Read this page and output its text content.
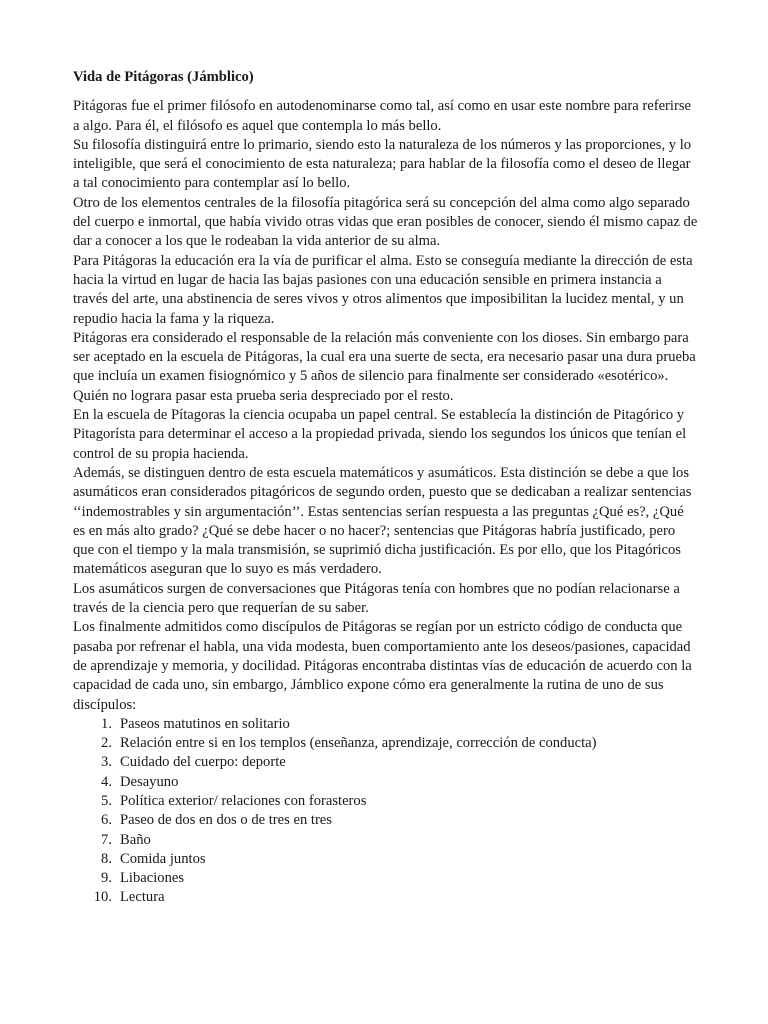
Vida de Pitágoras (Jámblico)

Pitágoras fue el primer filósofo en autodenominarse como tal, así como en usar este nombre para referirse a algo. Para él, el filósofo es aquel que contempla lo más bello.

Su filosofía distinguirá entre lo primario, siendo esto la naturaleza de los números y las proporciones, y lo inteligible, que será el conocimiento de esta naturaleza; para hablar de la filosofía como el deseo de llegar a tal conocimiento para contemplar así lo bello.

Otro de los elementos centrales de la filosofía pitagórica será su concepción del alma como algo separado del cuerpo e inmortal, que había vivido otras vidas que eran posibles de conocer, siendo él mismo capaz de dar a conocer a los que le rodeaban la vida anterior de su alma.

Para Pitágoras la educación era la vía de purificar el alma. Esto se conseguía mediante la dirección de esta hacia la virtud en lugar de hacia las bajas pasiones con una educación sensible en primera instancia a través del arte, una abstinencia de seres vivos y otros alimentos que imposibilitan la lucidez mental, y un repudio hacia la fama y la riqueza.

Pitágoras era considerado el responsable de la relación más conveniente con los dioses. Sin embargo para ser aceptado en la escuela de Pitágoras, la cual era una suerte de secta, era necesario pasar una dura prueba que incluía un examen fisiognómico y 5 años de silencio para finalmente ser considerado «esotérico». Quién no lograra pasar esta prueba seria despreciado por el resto.

En la escuela de Pítagoras la ciencia ocupaba un papel central. Se establecía la distinción de Pitagórico y Pitagorísta para determinar el acceso a la propiedad privada, siendo los segundos los únicos que tenían el control de su propia hacienda.

Además, se distinguen dentro de esta escuela matemáticos y asumáticos. Esta distinción se debe a que los asumáticos eran considerados pitagóricos de segundo orden, puesto que se dedicaban a realizar sentencias ‘‘indemostrables y sin argumentación’’. Estas sentencias serían respuesta a las preguntas ¿Qué es?, ¿Qué es en más alto grado? ¿Qué se debe hacer o no hacer?; sentencias que Pitágoras habría justificado, pero que con el tiempo y la mala transmisión, se suprimió dicha justificación. Es por ello, que los Pitagóricos matemáticos aseguran que lo suyo es más verdadero.

Los asumáticos surgen de conversaciones que Pitágoras tenía con hombres que no podían relacionarse a través de la ciencia pero que requerían de su saber.

Los finalmente admitidos como discípulos de Pitágoras se regían por un estricto código de conducta que pasaba por refrenar el habla, una vida modesta, buen comportamiento ante los deseos/pasiones, capacidad de aprendizaje y memoria, y docilidad. Pitágoras encontraba distintas vías de educación de acuerdo con la capacidad de cada uno, sin embargo, Jámblico expone cómo era generalmente la rutina de uno de sus discípulos:

1. Paseos matutinos en solitario
2. Relación entre si en los templos (enseñanza, aprendizaje, corrección de conducta)
3. Cuidado del cuerpo: deporte
4. Desayuno
5. Política exterior/ relaciones con forasteros
6. Paseo de dos en dos o de tres en tres
7. Baño
8. Comida juntos
9. Libaciones
10. Lectura
